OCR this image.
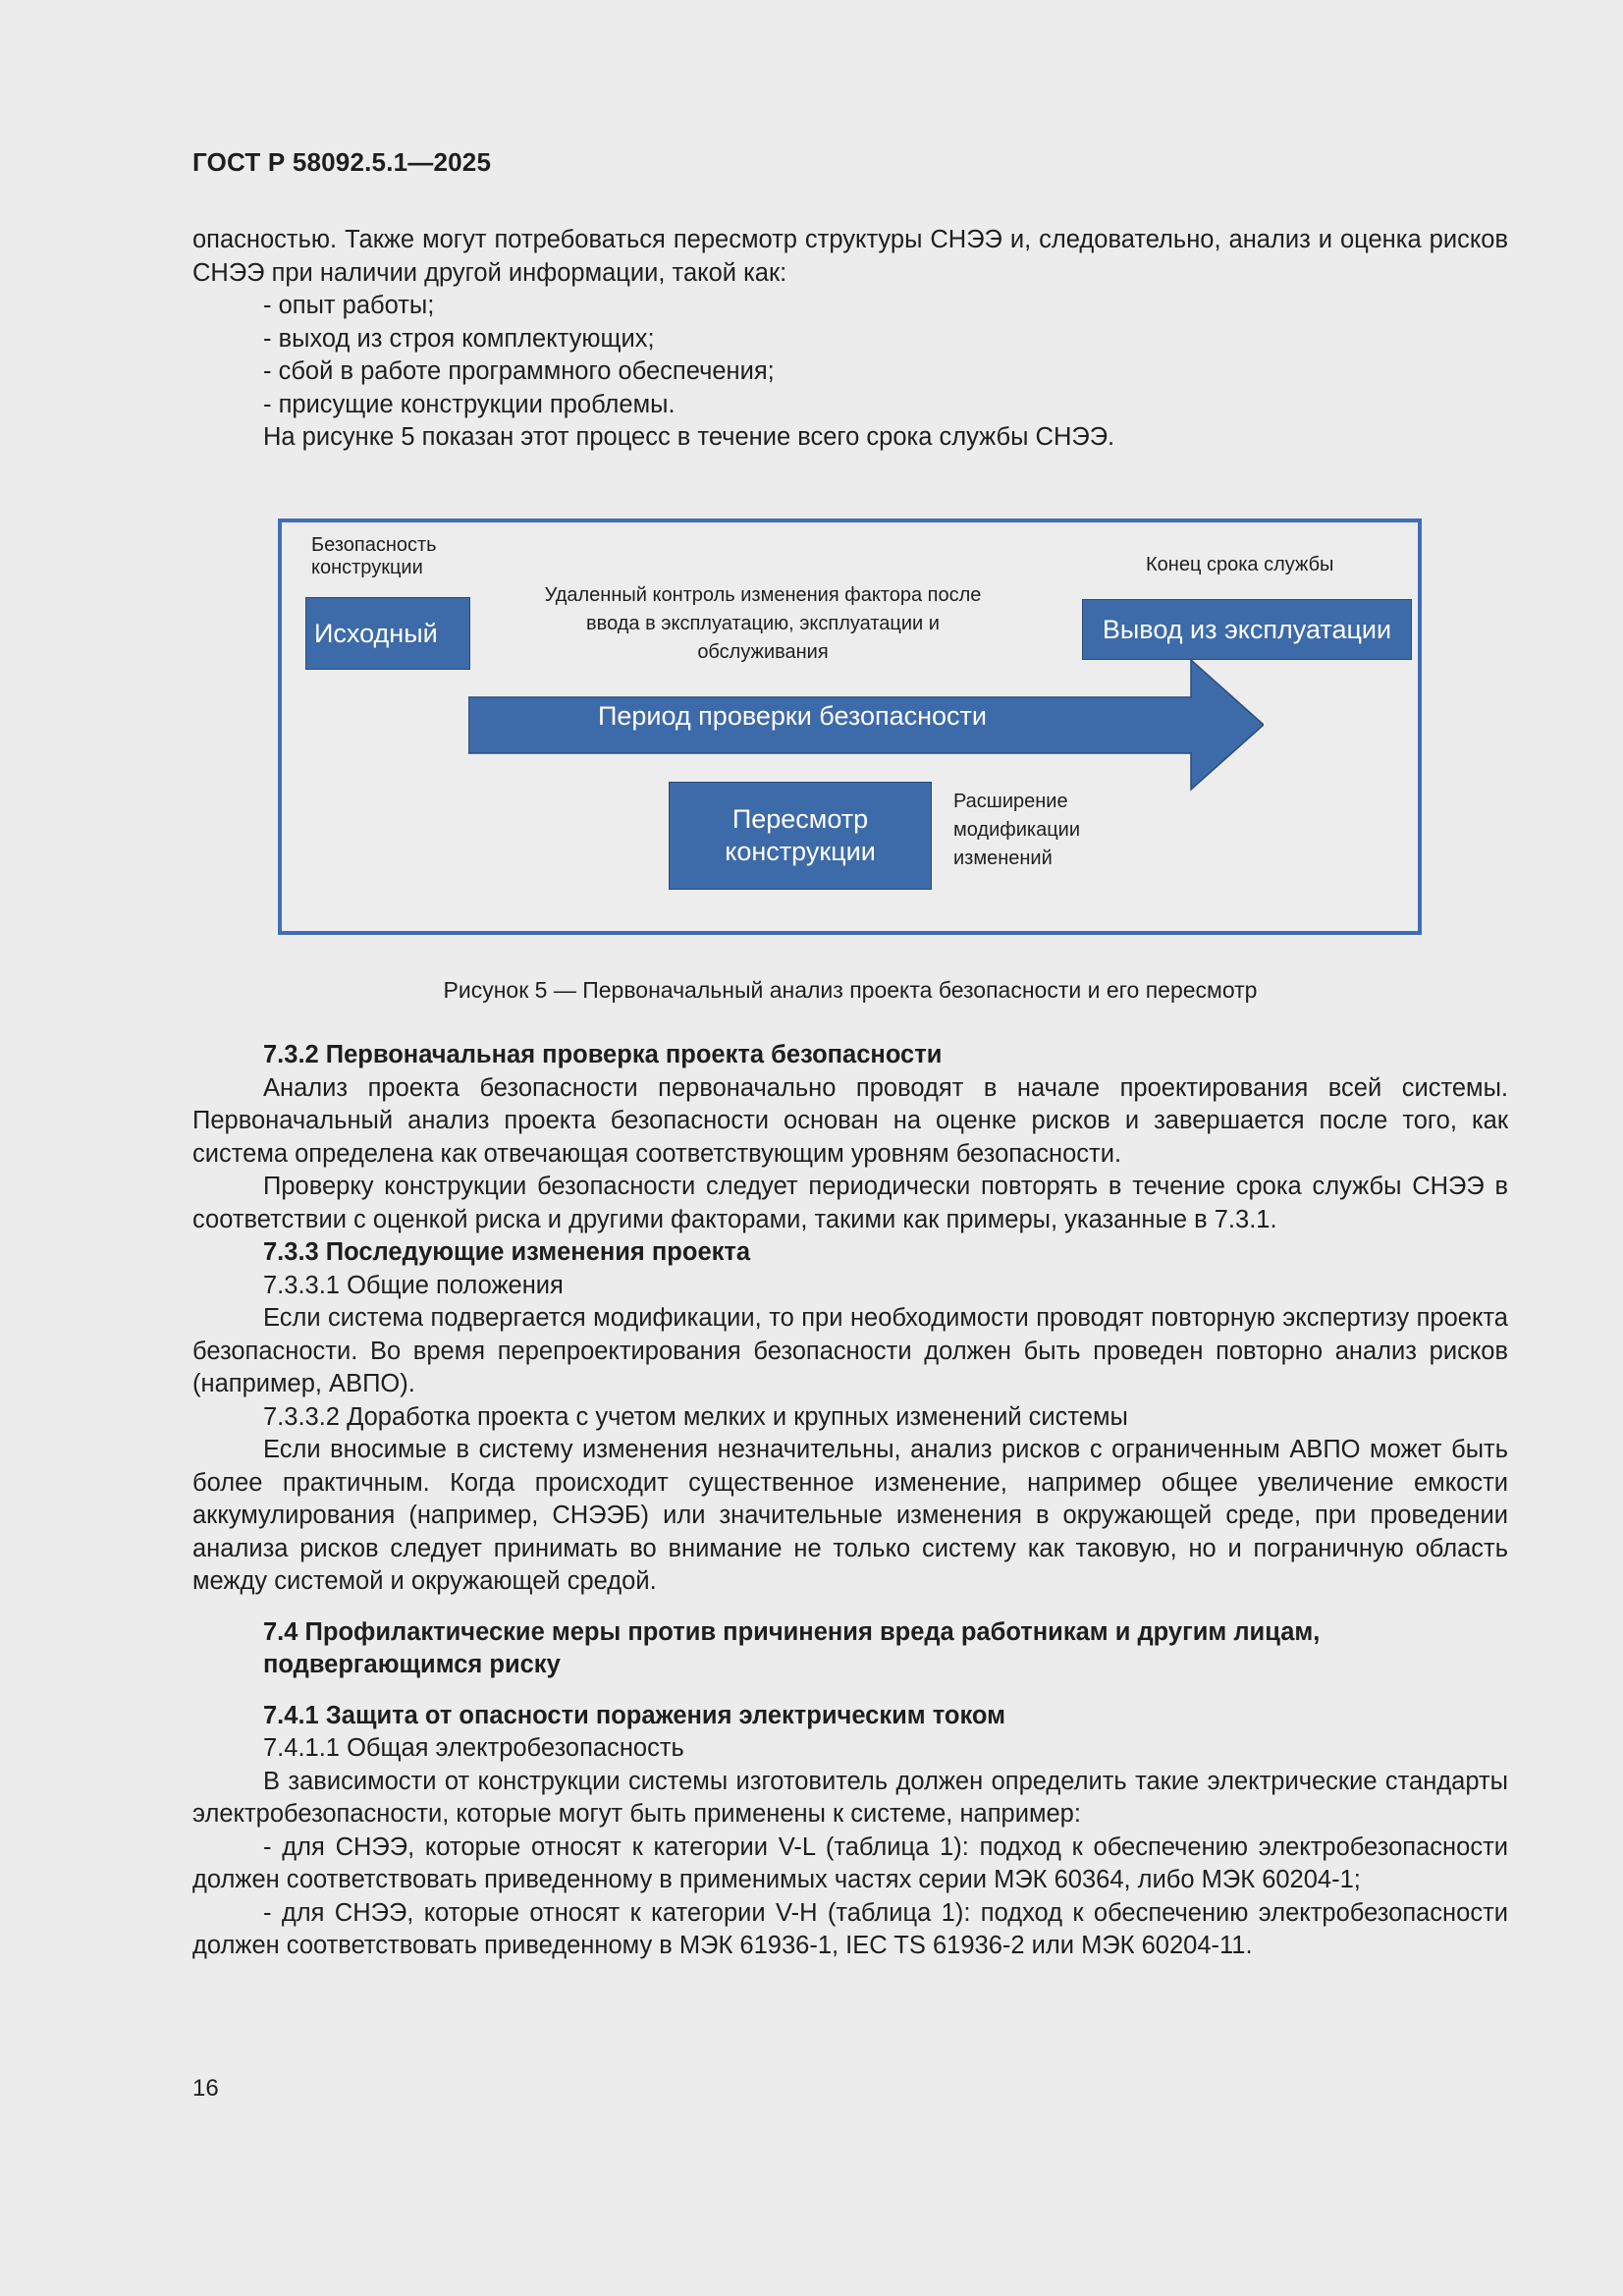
ГОСТ Р 58092.5.1—2025

опасностью. Также могут потребоваться пересмотр структуры СНЭЭ и, следовательно, анализ и оценка рисков СНЭЭ при наличии другой информации, такой как:

- опыт работы;

- выход из строя комплектующих;

- сбой в работе программного обеспечения;

- присущие конструкции проблемы.

На рисунке 5 показан этот процесс в течение всего срока службы СНЭЭ.

Безопасность конструкции
Исходный
Удаленный контроль изменения фактора после ввода в эксплуатацию, эксплуатации и обслуживания
Конец срока службы
Вывод из эксплуатации
Период проверки безопасности
Пересмотр конструкции
Расширение модификации изменений
Рисунок 5 — Первоначальный анализ проекта безопасности и его пересмотр

7.3.2 Первоначальная проверка проекта безопасности

Анализ проекта безопасности первоначально проводят в начале проектирования всей системы. Первоначальный анализ проекта безопасности основан на оценке рисков и завершается после того, как система определена как отвечающая соответствующим уровням безопасности.

Проверку конструкции безопасности следует периодически повторять в течение срока службы СНЭЭ в соответствии с оценкой риска и другими факторами, такими как примеры, указанные в 7.3.1.

7.3.3 Последующие изменения проекта

7.3.3.1 Общие положения

Если система подвергается модификации, то при необходимости проводят повторную экспертизу проекта безопасности. Во время перепроектирования безопасности должен быть проведен повторно анализ рисков (например, АВПО).

7.3.3.2 Доработка проекта с учетом мелких и крупных изменений системы

Если вносимые в систему изменения незначительны, анализ рисков с ограниченным АВПО может быть более практичным. Когда происходит существенное изменение, например общее увеличение емкости аккумулирования (например, СНЭЭБ) или значительные изменения в окружающей среде, при проведении анализа рисков следует принимать во внимание не только систему как таковую, но и пограничную область между системой и окружающей средой.

7.4 Профилактические меры против причинения вреда работникам и другим лицам, подвергающимся риску

7.4.1 Защита от опасности поражения электрическим током

7.4.1.1 Общая электробезопасность

В зависимости от конструкции системы изготовитель должен определить такие электрические стандарты электробезопасности, которые могут быть применены к системе, например:

- для СНЭЭ, которые относят к категории V-L (таблица 1): подход к обеспечению электробезопасности должен соответствовать приведенному в применимых частях серии МЭК 60364, либо МЭК 60204-1;

- для СНЭЭ, которые относят к категории V-H (таблица 1): подход к обеспечению электробезопасности должен соответствовать приведенному в МЭК 61936-1, IEC TS 61936-2 или МЭК 60204-11.

16
